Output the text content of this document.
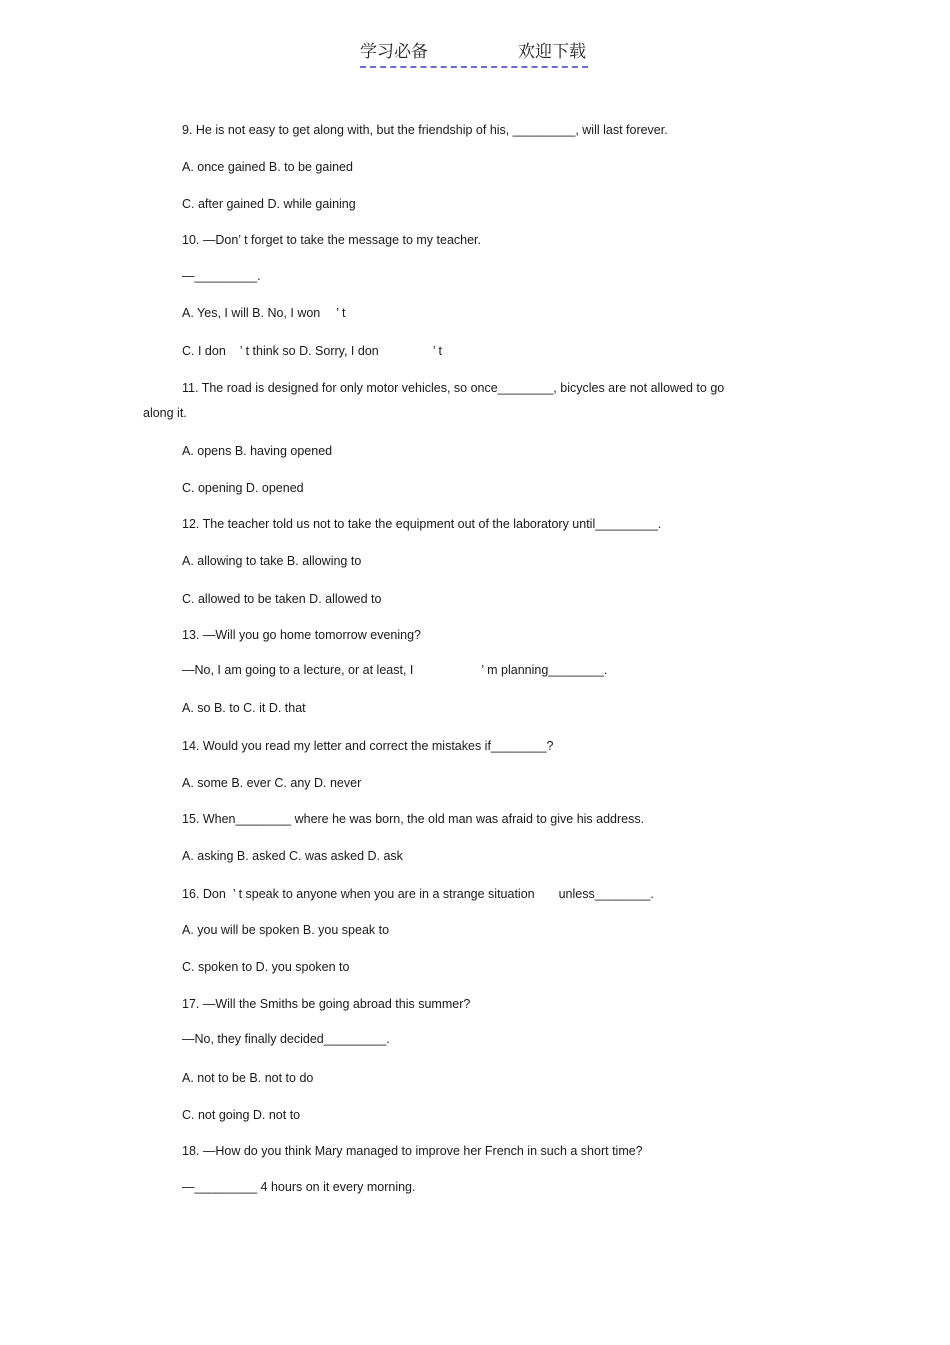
学习必备	欢迎下载
9. He is not easy to get along with, but the friendship of his, _________, will last forever.
A. once gained B. to be gained
C. after gained D. while gaining
10. —Don’ t forget to take the message to my teacher.
—_________.
A. Yes, I will B. No, I won ’ t
C. I don ’ t think so D. Sorry, I don	’ t
11. The road is designed for only motor vehicles, so once________, bicycles are not allowed to go
along it.
A. opens B. having opened
C. opening D. opened
12. The teacher told us not to take the equipment out of the laboratory until_________.
A. allowing to take B. allowing to
C. allowed to be taken D. allowed to
13. —Will you go home tomorrow evening?
—No, I am going to a lecture, or at least, I	’ m planning________.
A. so B. to C. it D. that
14. Would you read my letter and correct the mistakes if________?
A. some B. ever C. any D. never
15. When________ where he was born, the old man was afraid to give his address.
A. asking B. asked C. was asked D. ask
16. Don ’ t speak to anyone when you are in a strange situation unless________.
A. you will be spoken B. you speak to
C. spoken to D. you spoken to
17. —Will the Smiths be going abroad this summer?
—No, they finally decided_________.
A. not to be B. not to do
C. not going D. not to
18. —How do you think Mary managed to improve her French in such a short time?
—_________ 4 hours on it every morning.
